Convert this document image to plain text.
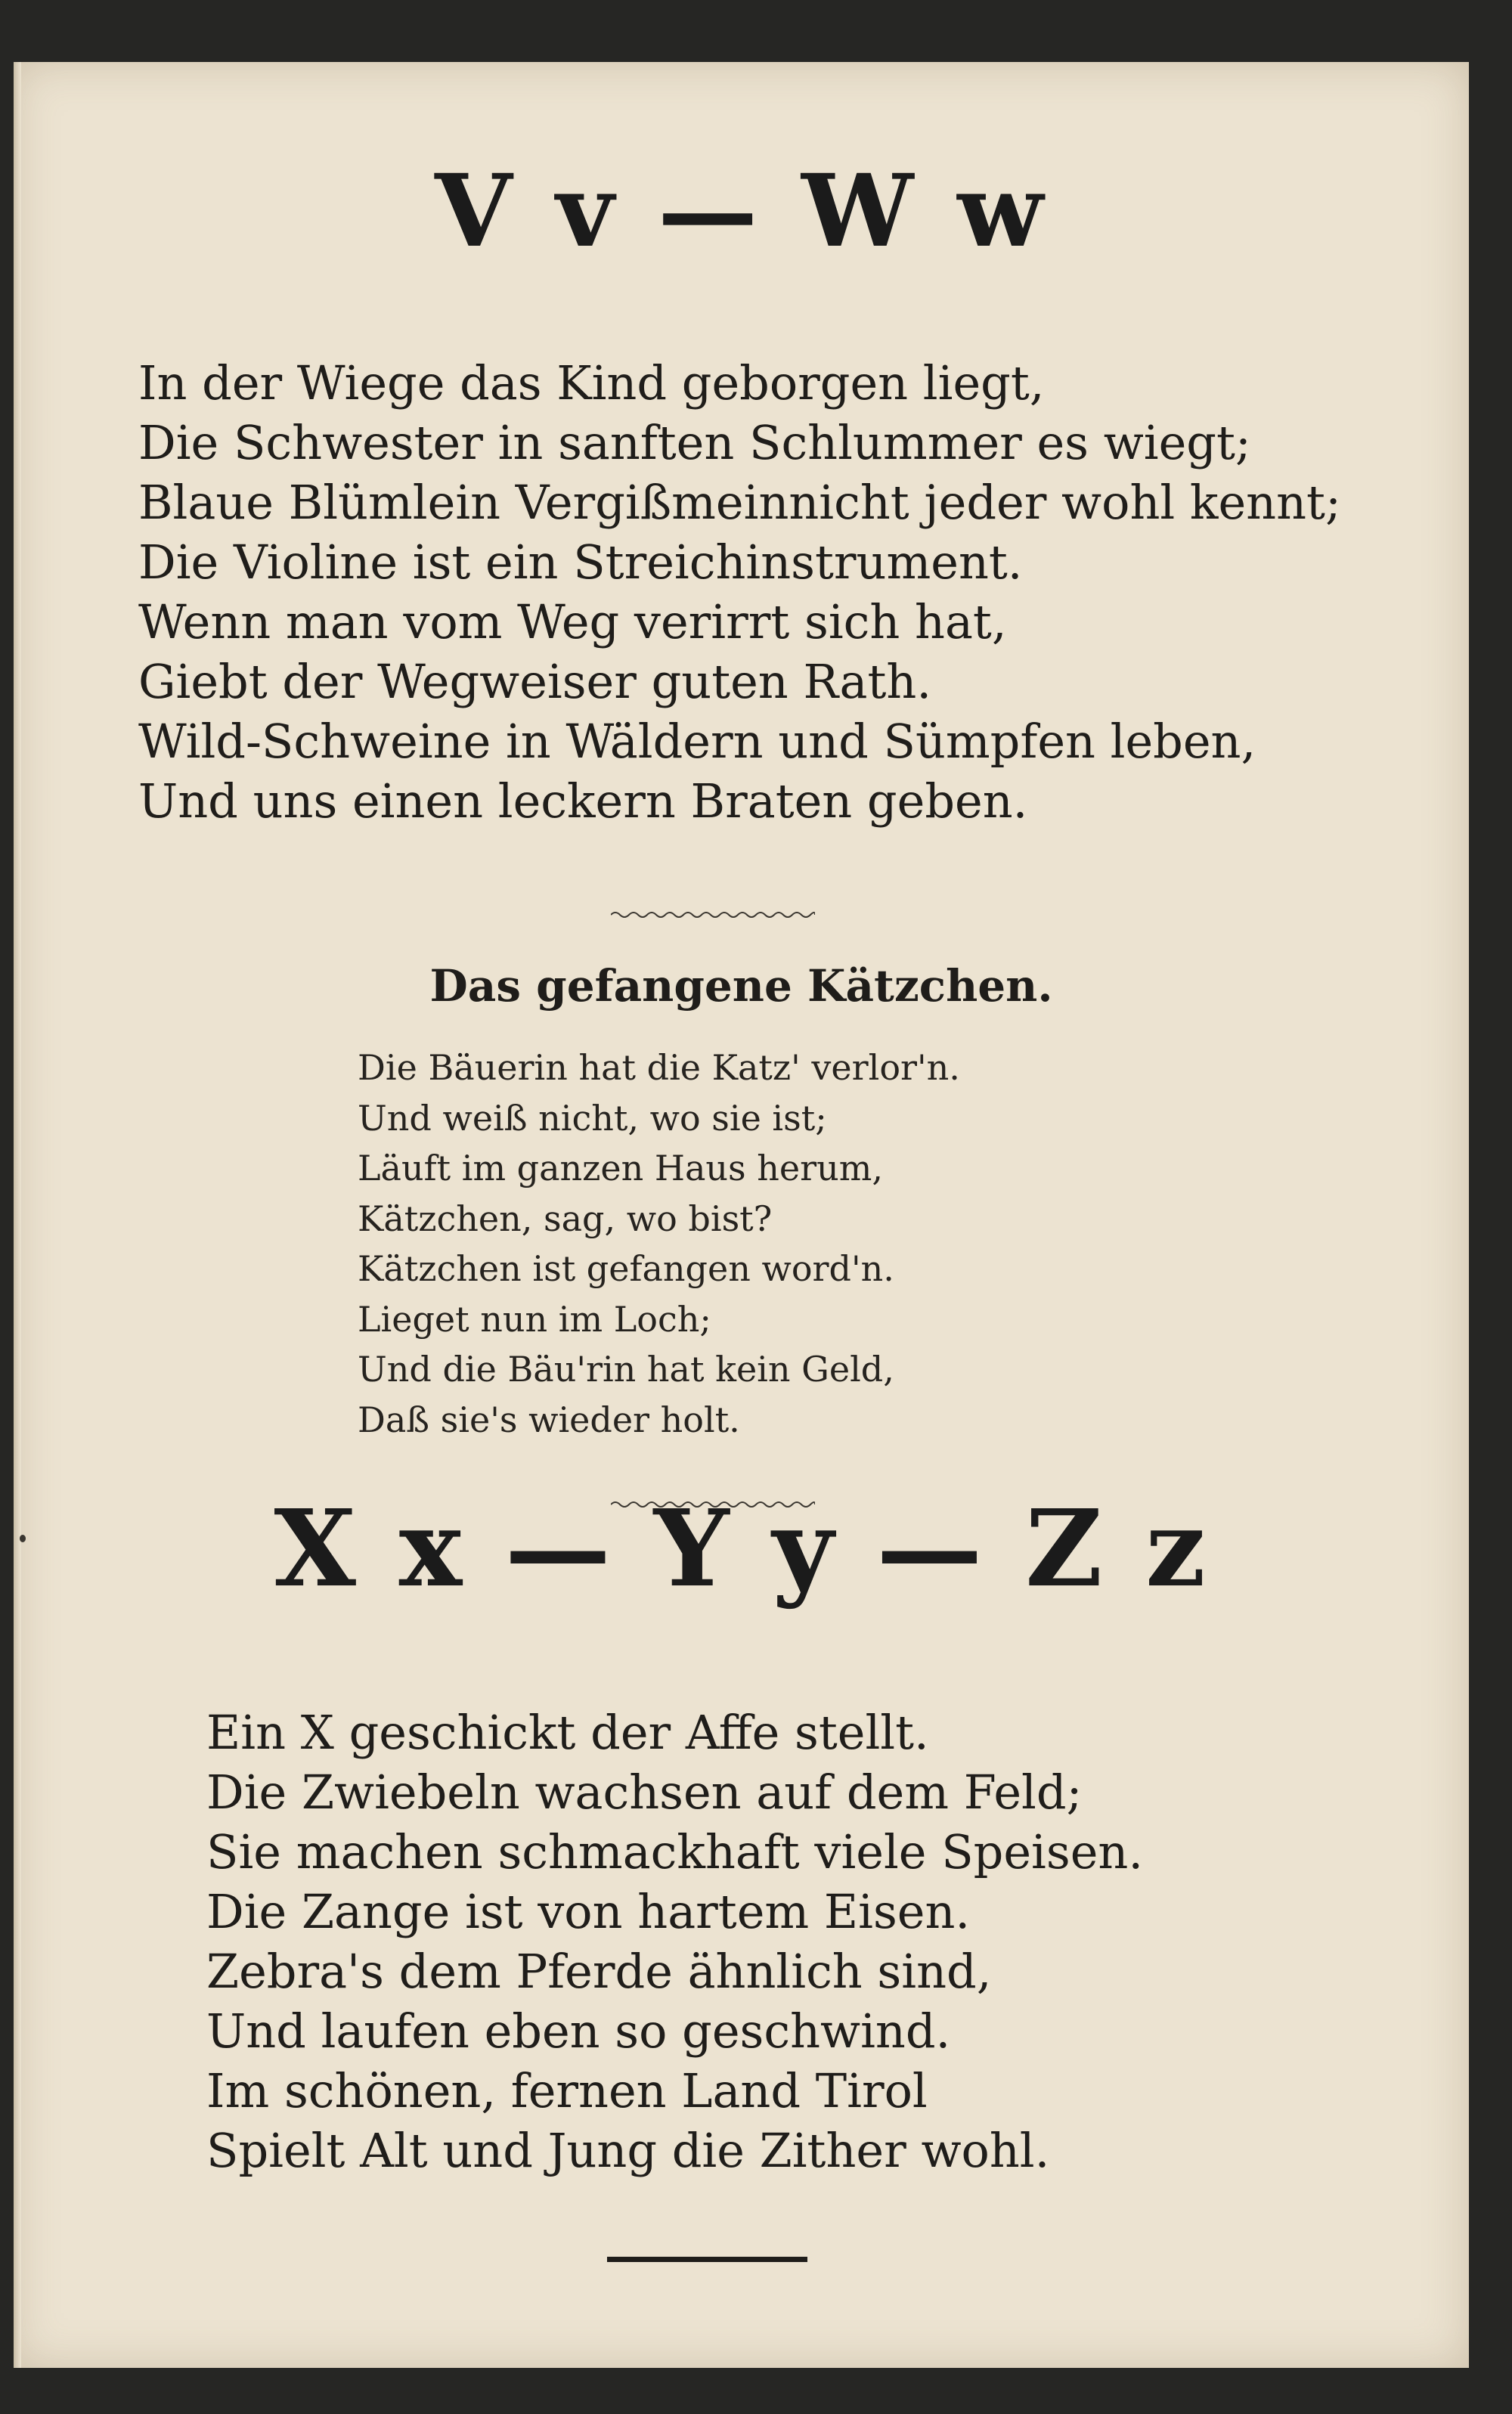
V v — W w
In der Wiege das Kind geborgen liegt,
Die Schwester in sanften Schlummer es wiegt;
Blaue Blümlein Vergißmeinnicht jeder wohl kennt;
Die Violine ist ein Streichinstrument.
Wenn man vom Weg verirrt sich hat,
Giebt der Wegweiser guten Rath.
Wild-Schweine in Wäldern und Sümpfen leben,
Und uns einen leckern Braten geben.
Das gefangene Kätzchen.
Die Bäuerin hat die Katz' verlor'n.
Und weiß nicht, wo sie ist;
Läuft im ganzen Haus herum,
Kätzchen, sag, wo bist?
Kätzchen ist gefangen word'n.
Lieget nun im Loch;
Und die Bäu'rin hat kein Geld,
Daß sie's wieder holt.
X x — Y y — Z z
Ein X geschickt der Affe stellt.
Die Zwiebeln wachsen auf dem Feld;
Sie machen schmackhaft viele Speisen.
Die Zange ist von hartem Eisen.
Zebra's dem Pferde ähnlich sind,
Und laufen eben so geschwind.
Im schönen, fernen Land Tirol
Spielt Alt und Jung die Zither wohl.
